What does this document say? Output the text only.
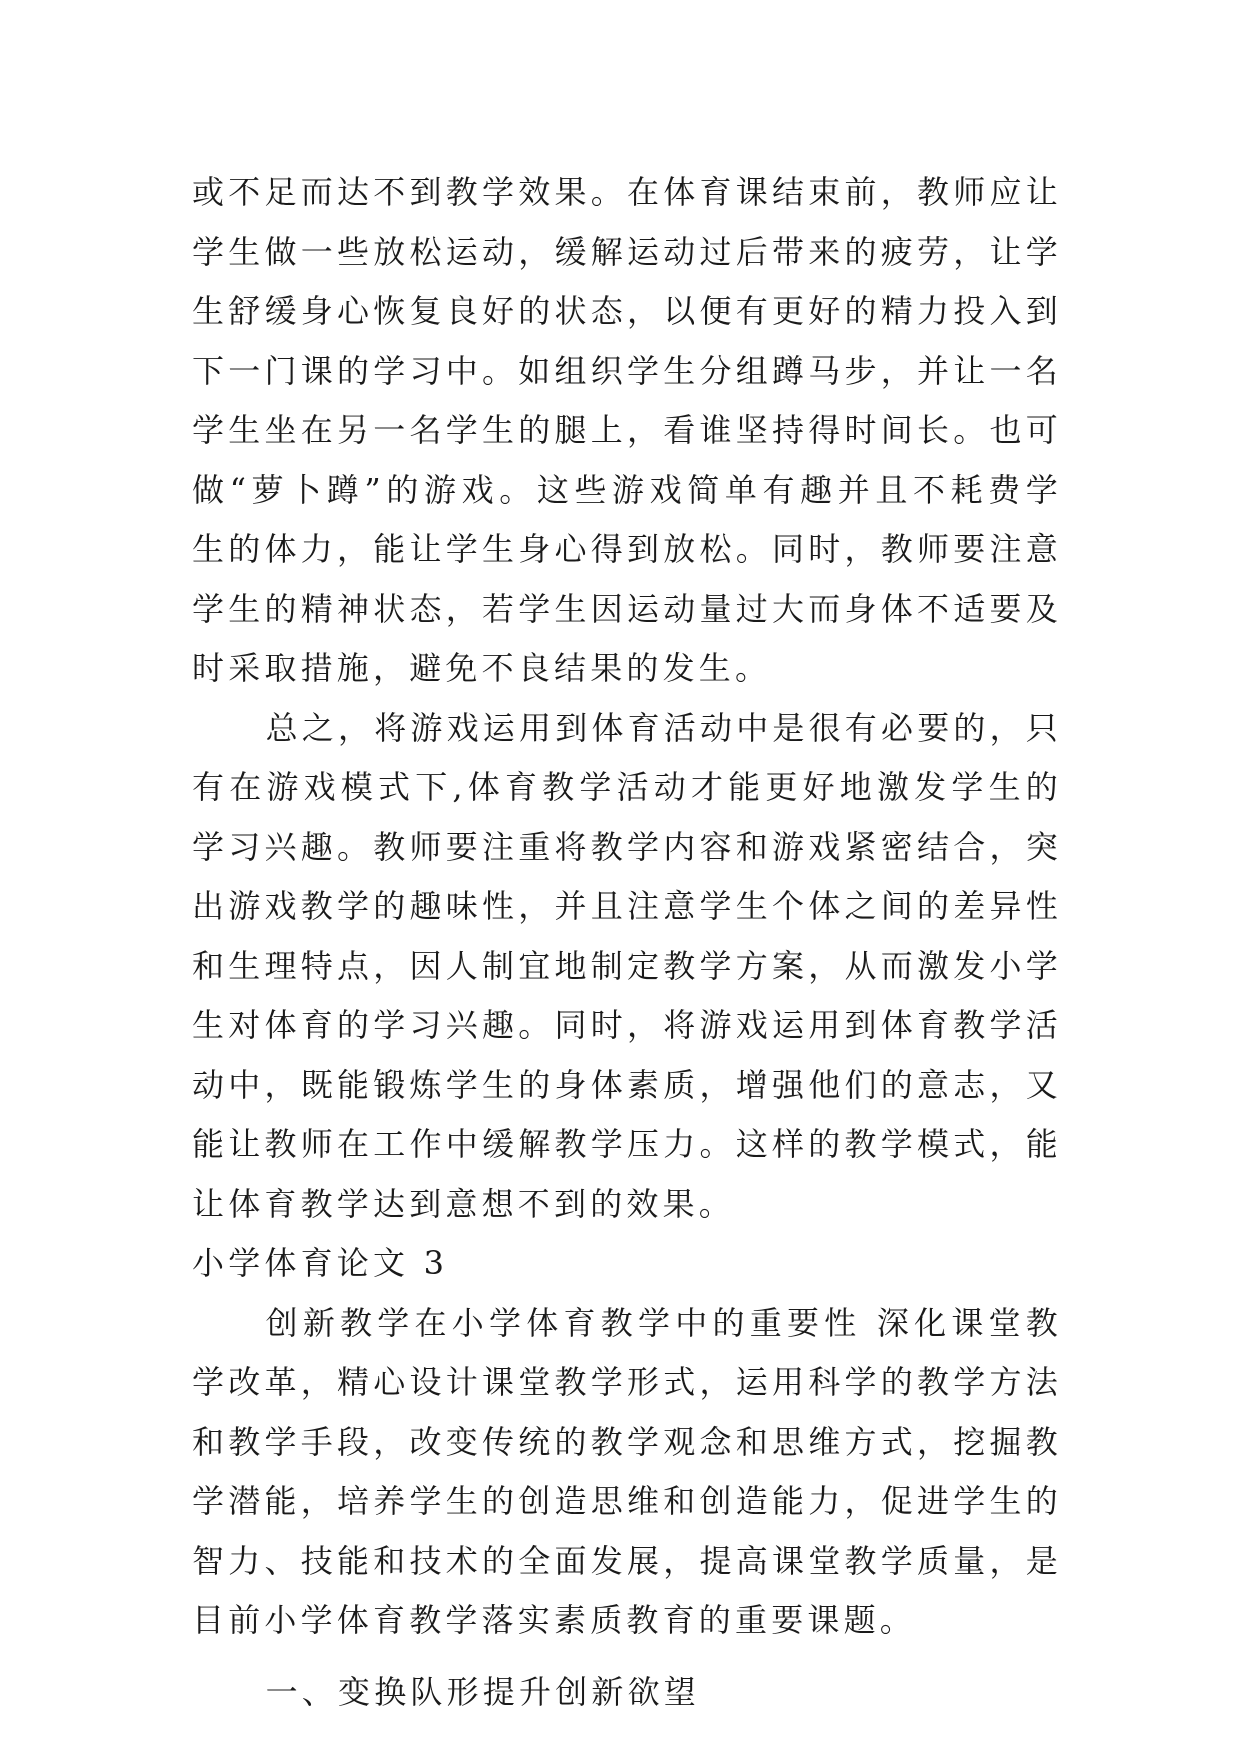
或不足而达不到教学效果。在体育课结束前，教师应让学生做一些放松运动，缓解运动过后带来的疲劳，让学生舒缓身心恢复良好的状态，以便有更好的精力投入到下一门课的学习中。如组织学生分组蹲马步，并让一名学生坐在另一名学生的腿上，看谁坚持得时间长。也可做“萝卜蹲”的游戏。这些游戏简单有趣并且不耗费学生的体力，能让学生身心得到放松。同时，教师要注意学生的精神状态，若学生因运动量过大而身体不适要及时采取措施，避免不良结果的发生。

总之，将游戏运用到体育活动中是很有必要的，只有在游戏模式下,体育教学活动才能更好地激发学生的学习兴趣。教师要注重将教学内容和游戏紧密结合，突出游戏教学的趣味性，并且注意学生个体之间的差异性和生理特点，因人制宜地制定教学方案，从而激发小学生对体育的学习兴趣。同时，将游戏运用到体育教学活动中，既能锻炼学生的身体素质，增强他们的意志，又能让教师在工作中缓解教学压力。这样的教学模式，能让体育教学达到意想不到的效果。

小学体育论文 3

创新教学在小学体育教学中的重要性 深化课堂教学改革，精心设计课堂教学形式，运用科学的教学方法和教学手段，改变传统的教学观念和思维方式，挖掘教学潜能，培养学生的创造思维和创造能力，促进学生的智力、技能和技术的全面发展，提高课堂教学质量，是目前小学体育教学落实素质教育的重要课题。

一、变换队形提升创新欲望
